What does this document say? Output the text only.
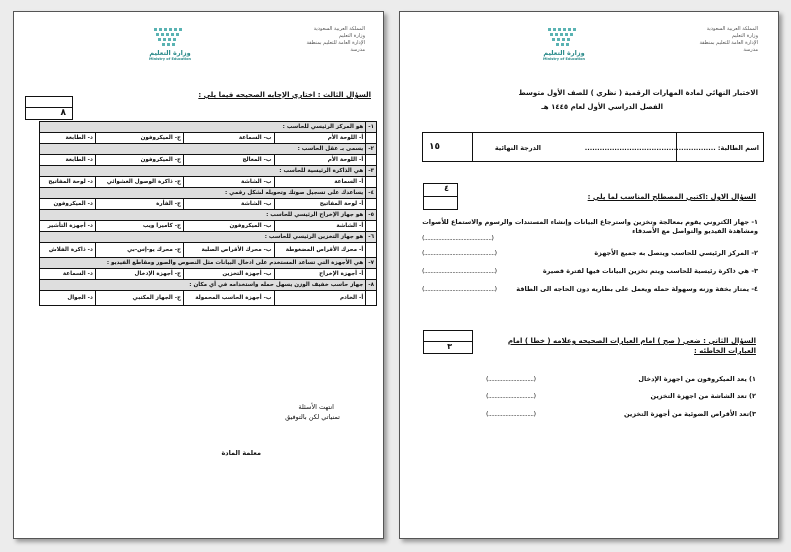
المملكة العربية السعودية
وزارة التعليم
الإدارة العامة للتعليم بمنطقة
مدرسة
وزارة التعليم
Ministry of Education
السؤال الثالث : اختاري الإجابه الصحيحه فيما يلي :
٨
١-	هو المركز الرئيسي للحاسب :			
	أ- اللوحة الأم	ب- السماعة	ج- الميكروفون	د- الطابعة
٢-	يسمى بـ عقل الحاسب :			
	أ- اللوحة الأم	ب- المعالج	ج- الميكروفون	د- الطابعة
٣-	هي الذاكرة الرئيسية للحاسب :			
	أ- السماعة	ب- الشاشة	ج- ذاكرة الوصول العشوائي	د- لوحة المفاتيح
٤-	يساعدك على تسجيل صوتك وتحويله لشكل رقمي :			
	أ- لوحة المفاتيح	ب- الشاشة	ج- الفأرة	د- الميكروفون
٥-	هو جهاز الإخراج الرئيسي للحاسب :			
	أ- الشاشة	ب- الميكروفون	ج- كاميرا ويب	د- أجهزة التأشير
٦-	هو جهاز التخزين الرئيسي للحاسب :			
	أ- محرك الأقراص المضغوطة	ب- محرك الأقراص الصلبة	ج- محرك يو-إس-بي	د- ذاكرة الفلاش
٧-	هي الأجهزة التي تساعد المستخدم على ادخال البيانات مثل النصوص والصور ومقاطع الفيديو :			
	أ- أجهزة الإخراج	ب- أجهزة التخزين	ج- أجهزة الإدخال	د- السماعة
٨-	جهاز حاسب خفيف الوزن يسهل حمله واستخدامه في أي مكان :			
	أ- الخادم	ب- أجهزة الحاسب المحمولة	ج- الجهاز المكتبي	د- الجوال
انتهت الأسئلة
تمنياتي لكن بالتوفيق
معلمة المادة
المملكة العربية السعودية
وزارة التعليم
الإدارة العامة للتعليم بمنطقة
مدرسة
وزارة التعليم
Ministry of Education
الاختبار النهائي لمادة المهارات الرقمية ( نظري ) للصف الأول متوسط
الفصل الدراسي الأول لعام ١٤٤٥ هـ
اسم الطالبة: .....................................................
الدرجة النهائية
١٥
٤
السؤال الاول :اكتبي المصطلح المناسب لما يلي :
١- جهاز الكتروني يقوم بمعالجة وتخزين واسترجاع البيانات وإنشاء المستندات والرسوم والاستماع للأصوات ومشاهدة الفيديو والتواصل مع الأصدقاء
(...........................................)
٢- المركز الرئيسي للحاسب ويتصل به جميع الأجهزة
(.............................................)
٣- هي ذاكرة رئيسية للحاسب ويتم تخزين البيانات فيها لفترة قصيرة
(.............................................)
٤- يمتاز بخفة وزنه وسهولة حمله ويعمل على بطاريه دون الحاجه الى الطاقة
(.............................................)
٣
السؤال الثاني : ضعي ( صح ) امام العبارات الصحيحه وعلامه ( خطا ) امام العبارات الخاطئه :
١) يعد الميكروفون من اجهزة الإدخال
(.............................)
٢) تعد الشاشة من اجهزة التخزين
(.............................)
٣)تعد الأقراص الضوئية من أجهزة التخزين
(.............................)
